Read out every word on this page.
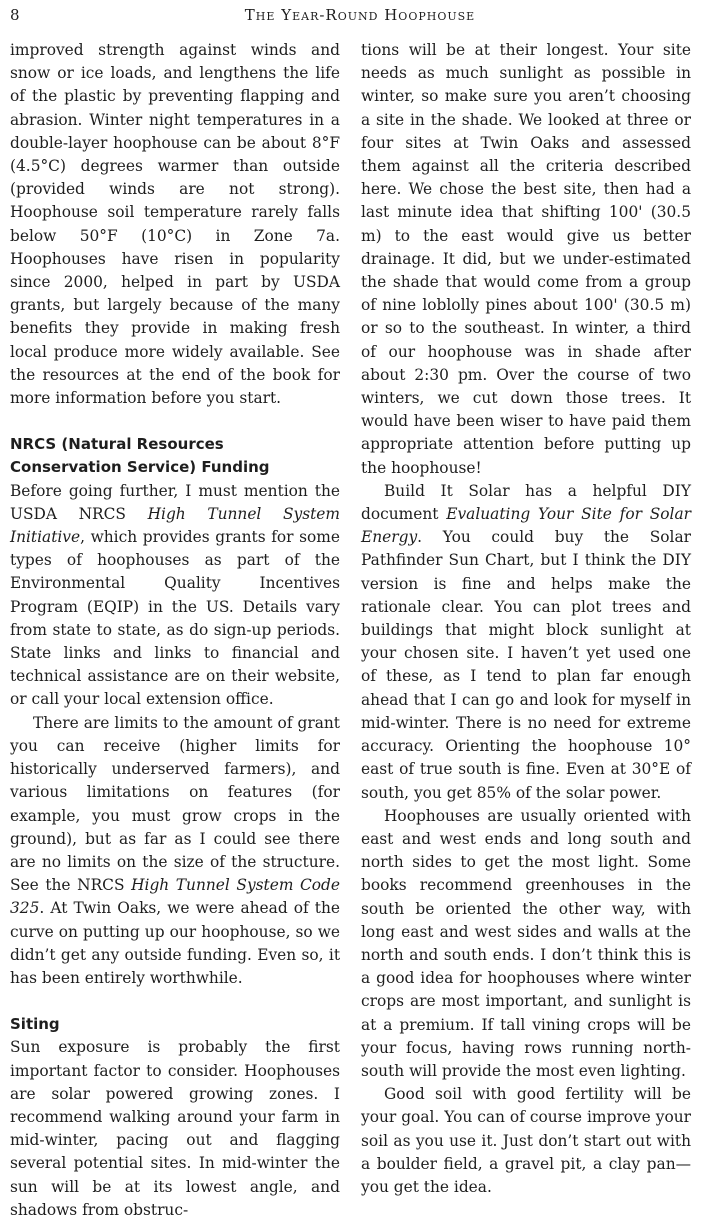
8	The Year-Round Hoophouse

improved strength against winds and snow or ice loads, and lengthens the life of the plastic by preventing flapping and abrasion. Winter night temperatures in a double-layer hoophouse can be about 8°F (4.5°C) degrees warmer than outside (provided winds are not strong). Hoophouse soil temperature rarely falls below 50°F (10°C) in Zone 7a. Hoophouses have risen in popularity since 2000, helped in part by USDA grants, but largely because of the many benefits they provide in making fresh local produce more widely available. See the resources at the end of the book for more information before you start.

NRCS (Natural Resources
Conservation Service) Funding

Before going further, I must mention the USDA NRCS High Tunnel System Initiative, which provides grants for some types of hoophouses as part of the Environmental Quality Incentives Program (EQIP) in the US. Details vary from state to state, as do sign-up periods. State links and links to financial and technical assistance are on their website, or call your local extension office.

There are limits to the amount of grant you can receive (higher limits for historically underserved farmers), and various limitations on features (for example, you must grow crops in the ground), but as far as I could see there are no limits on the size of the structure. See the NRCS High Tunnel System Code 325. At Twin Oaks, we were ahead of the curve on putting up our hoophouse, so we didn’t get any outside funding. Even so, it has been entirely worthwhile.

Siting

Sun exposure is probably the first important factor to consider. Hoophouses are solar powered growing zones. I recommend walking around your farm in mid-winter, pacing out and flagging several potential sites. In mid-winter the sun will be at its lowest angle, and shadows from obstruc-

tions will be at their longest. Your site needs as much sunlight as possible in winter, so make sure you aren’t choosing a site in the shade. We looked at three or four sites at Twin Oaks and assessed them against all the criteria described here. We chose the best site, then had a last minute idea that shifting 100' (30.5 m) to the east would give us better drainage. It did, but we under-estimated the shade that would come from a group of nine loblolly pines about 100' (30.5 m) or so to the southeast. In winter, a third of our hoophouse was in shade after about 2:30 pm. Over the course of two winters, we cut down those trees. It would have been wiser to have paid them appropriate attention before putting up the hoophouse!

Build It Solar has a helpful DIY document Evaluating Your Site for Solar Energy. You could buy the Solar Pathfinder Sun Chart, but I think the DIY version is fine and helps make the rationale clear. You can plot trees and buildings that might block sunlight at your chosen site. I haven’t yet used one of these, as I tend to plan far enough ahead that I can go and look for myself in mid-winter. There is no need for extreme accuracy. Orienting the hoophouse 10° east of true south is fine. Even at 30°E of south, you get 85% of the solar power.

Hoophouses are usually oriented with east and west ends and long south and north sides to get the most light. Some books recommend greenhouses in the south be oriented the other way, with long east and west sides and walls at the north and south ends. I don’t think this is a good idea for hoophouses where winter crops are most important, and sunlight is at a premium. If tall vining crops will be your focus, having rows running north-south will provide the most even lighting.

Good soil with good fertility will be your goal. You can of course improve your soil as you use it. Just don’t start out with a boulder field, a gravel pit, a clay pan—you get the idea.
